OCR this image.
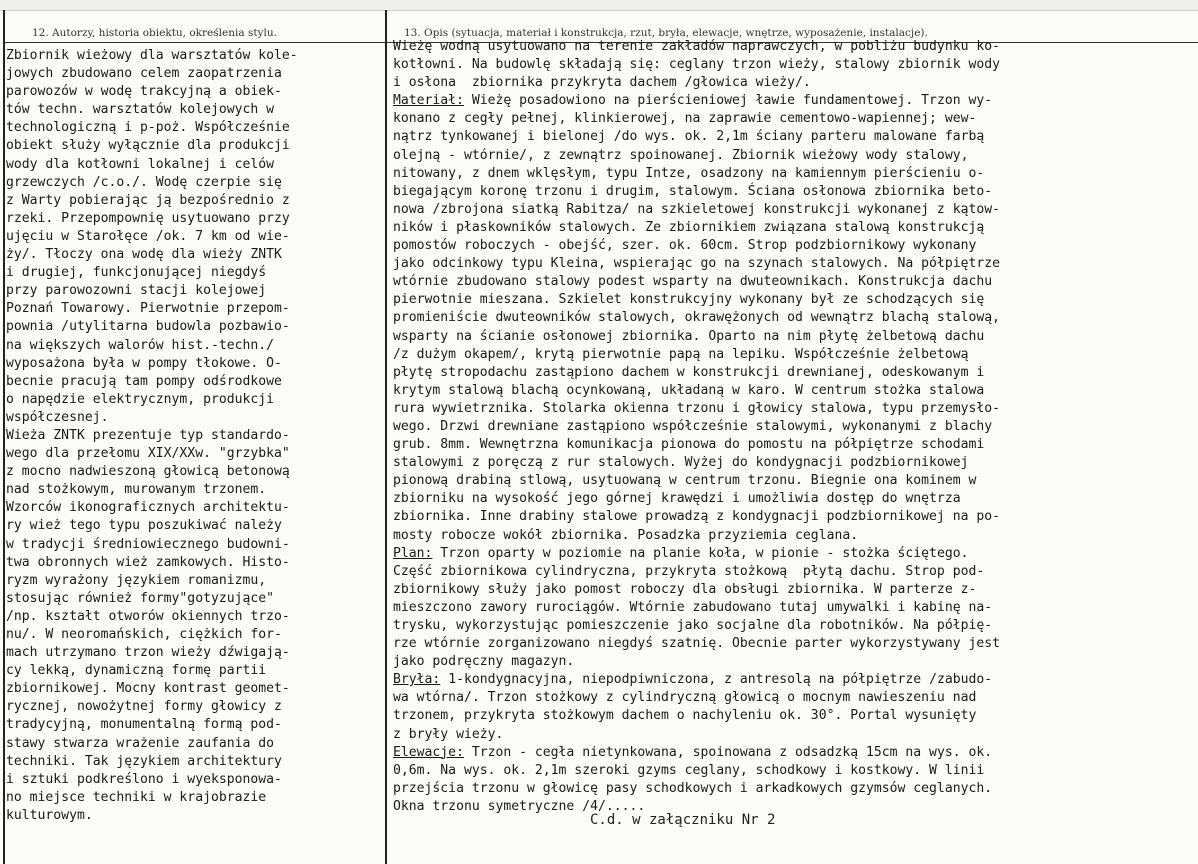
12. Autorzy, historia obiektu, określenia stylu.	13. Opis (sytuacja, materiał i konstrukcja, rzut, bryła, elewacje, wnętrze, wyposażenie, instalacje).
Zbiornik wieżowy dla warsztatów kole-
jowych zbudowano celem zaopatrzenia
parowozów w wodę trakcyjną a obiek-
tów techn. warsztatów kolejowych w
technologiczną i p-poż. Współcześnie
obiekt służy wyłącznie dla produkcji
wody dla kotłowni lokalnej i celów
grzewczych /c.o./. Wodę czerpie się
z Warty pobierając ją bezpośrednio z
rzeki. Przepompownię usytuowano przy
ujęciu w Starołęce /ok. 7 km od wie-
ży/. Tłoczy ona wodę dla wieży ZNTK
i drugiej, funkcjonującej niegdyś
przy parowozowni stacji kolejowej
Poznań Towarowy. Pierwotnie przepom-
pownia /utylitarna budowla pozbawio-
na większych walorów hist.-techn./
wyposażona była w pompy tłokowe. O-
becnie pracują tam pompy odśrodkowe
o napędzie elektrycznym, produkcji
współczesnej.
Wieża ZNTK prezentuje typ standardo-
wego dla przełomu XIX/XXw. "grzybka"
z mocno nadwieszoną głowicą betonową
nad stożkowym, murowanym trzonem.
Wzorców ikonograficznych architektu-
ry wież tego typu poszukiwać należy
w tradycji średniowiecznego budowni-
twa obronnych wież zamkowych. Histo-
ryzm wyrażony językiem romanizmu,
stosując również formy"gotyzujące"
/np. kształt otworów okiennych trzo-
nu/. W neoromańskich, ciężkich for-
mach utrzymano trzon wieży dźwigają-
cy lekką, dynamiczną formę partii
zbiornikowej. Mocny kontrast geomet-
rycznej, nowożytnej formy głowicy z
tradycyjną, monumentalną formą pod-
stawy stwarza wrażenie zaufania do
techniki. Tak językiem architektury
i sztuki podkreślono i wyeksponowa-
no miejsce techniki w krajobrazie
kulturowym.
Wieżę wodną usytuowano na terenie zakładów naprawczych, w pobliżu budynku ko-
kotłowni. Na budowlę składają się: ceglany trzon wieży, stalowy zbiornik wody
i osłona  zbiornika przykryta dachem /głowica wieży/.
Materiał: Wieżę posadowiono na pierścieniowej ławie fundamentowej. Trzon wy-
konano z cegły pełnej, klinkierowej, na zaprawie cementowo-wapiennej; wew-
nątrz tynkowanej i bielonej /do wys. ok. 2,1m ściany parteru malowane farbą
olejną - wtórnie/, z zewnątrz spoinowanej. Zbiornik wieżowy wody stalowy,
nitowany, z dnem wklęsłym, typu Intze, osadzony na kamiennym pierścieniu o-
biegającym koronę trzonu i drugim, stalowym. Ściana osłonowa zbiornika beto-
nowa /zbrojona siatką Rabitza/ na szkieletowej konstrukcji wykonanej z kątow-
ników i płaskowników stalowych. Ze zbiornikiem związana stalową konstrukcją
pomostów roboczych - obejść, szer. ok. 60cm. Strop podzbiornikowy wykonany
jako odcinkowy typu Kleina, wspierając go na szynach stalowych. Na półpiętrze
wtórnie zbudowano stalowy podest wsparty na dwuteownikach. Konstrukcja dachu
pierwotnie mieszana. Szkielet konstrukcyjny wykonany był ze schodzących się
promieniście dwuteowników stalowych, okrawężonych od wewnątrz blachą stalową,
wsparty na ścianie osłonowej zbiornika. Oparto na nim płytę żelbetową dachu
/z dużym okapem/, krytą pierwotnie papą na lepiku. Współcześnie żelbetową
płytę stropodachu zastąpiono dachem w konstrukcji drewnianej, odeskowanym i
krytym stalową blachą ocynkowaną, układaną w karo. W centrum stożka stalowa
rura wywietrznika. Stolarka okienna trzonu i głowicy stalowa, typu przemysło-
wego. Drzwi drewniane zastąpiono współcześnie stalowymi, wykonanymi z blachy
grub. 8mm. Wewnętrzna komunikacja pionowa do pomostu na półpiętrze schodami
stalowymi z poręczą z rur stalowych. Wyżej do kondygnacji podzbiornikowej
pionową drabiną stlową, usytuowaną w centrum trzonu. Biegnie ona kominem w
zbiorniku na wysokość jego górnej krawędzi i umożliwia dostęp do wnętrza
zbiornika. Inne drabiny stalowe prowadzą z kondygnacji podzbiornikowej na po-
mosty robocze wokół zbiornika. Posadzka przyziemia ceglana.
Plan: Trzon oparty w poziomie na planie koła, w pionie - stożka ściętego.
Część zbiornikowa cylindryczna, przykryta stożkową  płytą dachu. Strop pod-
zbiornikowy służy jako pomost roboczy dla obsługi zbiornika. W parterze z-
mieszczono zawory rurociągów. Wtórnie zabudowano tutaj umywalki i kabinę na-
trysku, wykorzystując pomieszczenie jako socjalne dla robotników. Na półpię-
rze wtórnie zorganizowano niegdyś szatnię. Obecnie parter wykorzystywany jest
jako podręczny magazyn.
Bryła: 1-kondygnacyjna, niepodpiwniczona, z antresolą na półpiętrze /zabudo-
wa wtórna/. Trzon stożkowy z cylindryczną głowicą o mocnym nawieszeniu nad
trzonem, przykryta stożkowym dachem o nachyleniu ok. 30°. Portal wysunięty
z bryły wieży.
Elewacje: Trzon - cegła nietynkowana, spoinowana z odsadzką 15cm na wys. ok.
0,6m. Na wys. ok. 2,1m szeroki gzyms ceglany, schodkowy i kostkowy. W linii
przejścia trzonu w głowicę pasy schodkowych i arkadkowych gzymsów ceglanych.
Okna trzonu symetryczne /4/.....
C.d. w załączniku Nr 2
